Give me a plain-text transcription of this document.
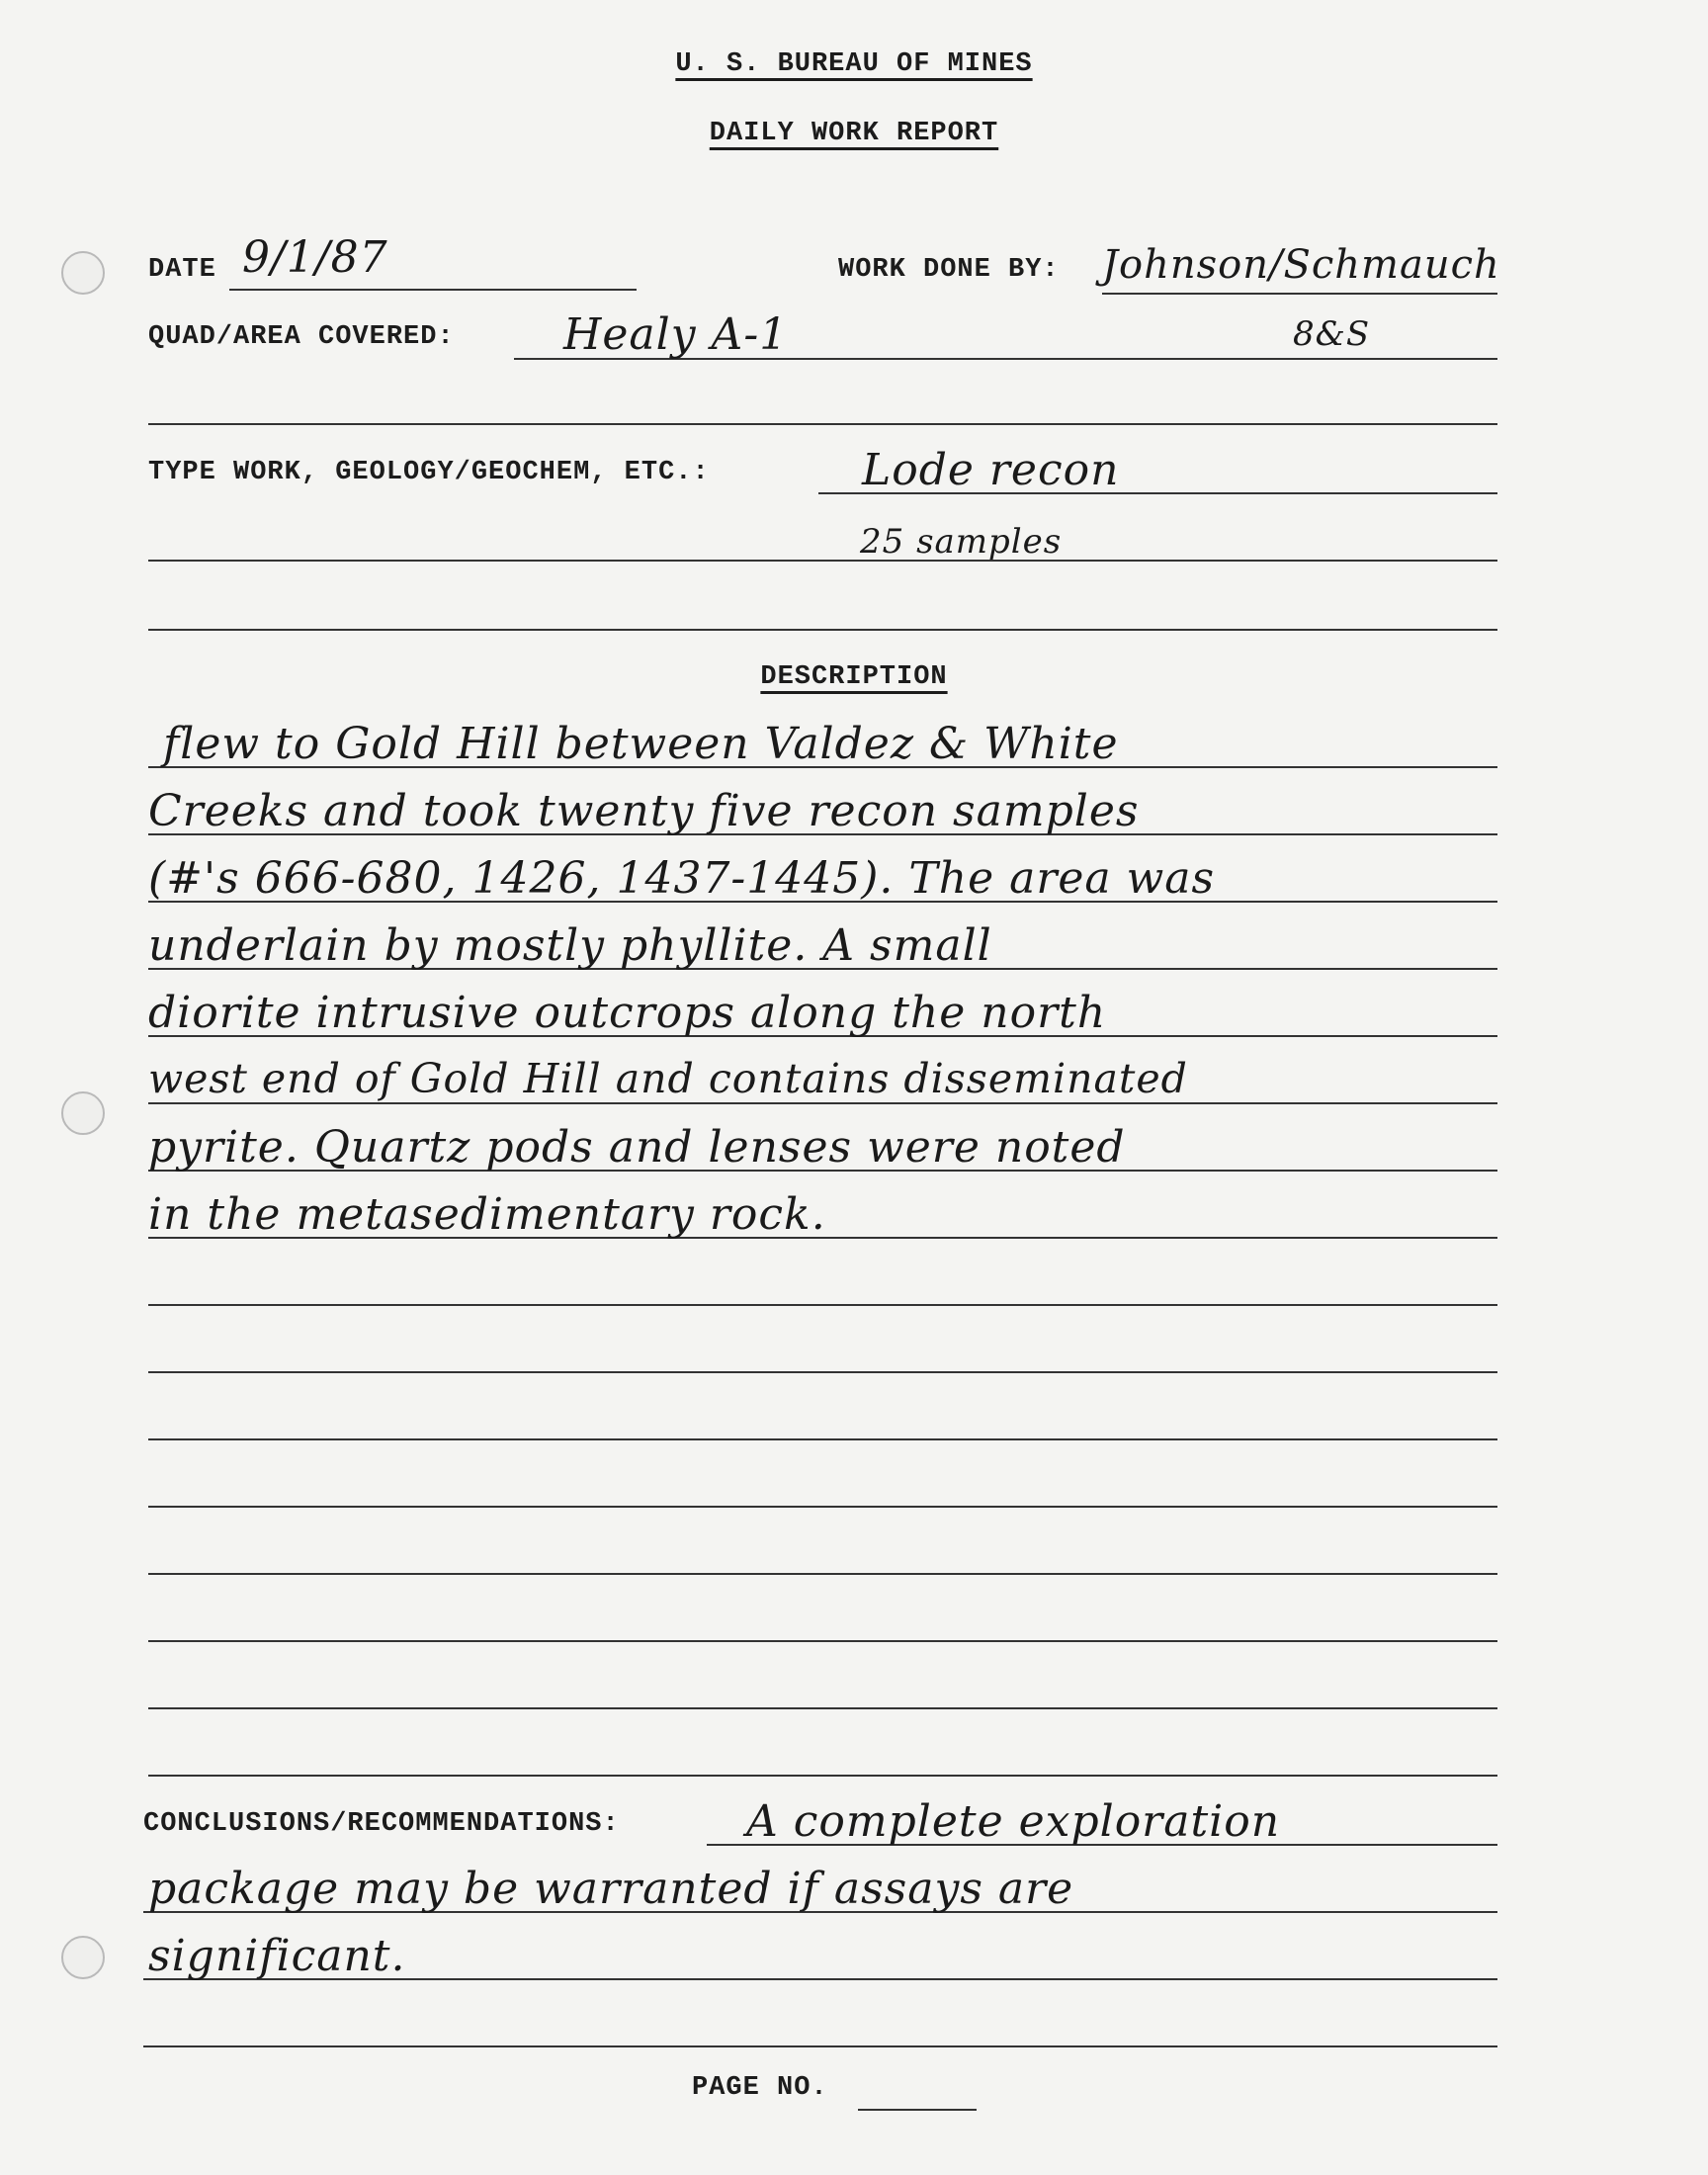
U. S. BUREAU OF MINES
DAILY WORK REPORT
DATE 9/1/87	WORK DONE BY: Johnson/Schmauch
QUAD/AREA COVERED:	Healy A-1	8&S
TYPE WORK, GEOLOGY/GEOCHEM, ETC.:	Lode recon
25 samples
DESCRIPTION
flew to Gold Hill between Valdez & White
Creeks and took twenty five recon samples
(#'s 666-680, 1426, 1437-1445). The area was
underlain by mostly phyllite. A small
diorite intrusive outcrops along the north
west end of Gold Hill and contains disseminated
pyrite. Quartz pods and lenses were noted
in the metasedimentary rock.
CONCLUSIONS/RECOMMENDATIONS:	A complete exploration
package may be warranted if assays are
significant.
PAGE NO.
